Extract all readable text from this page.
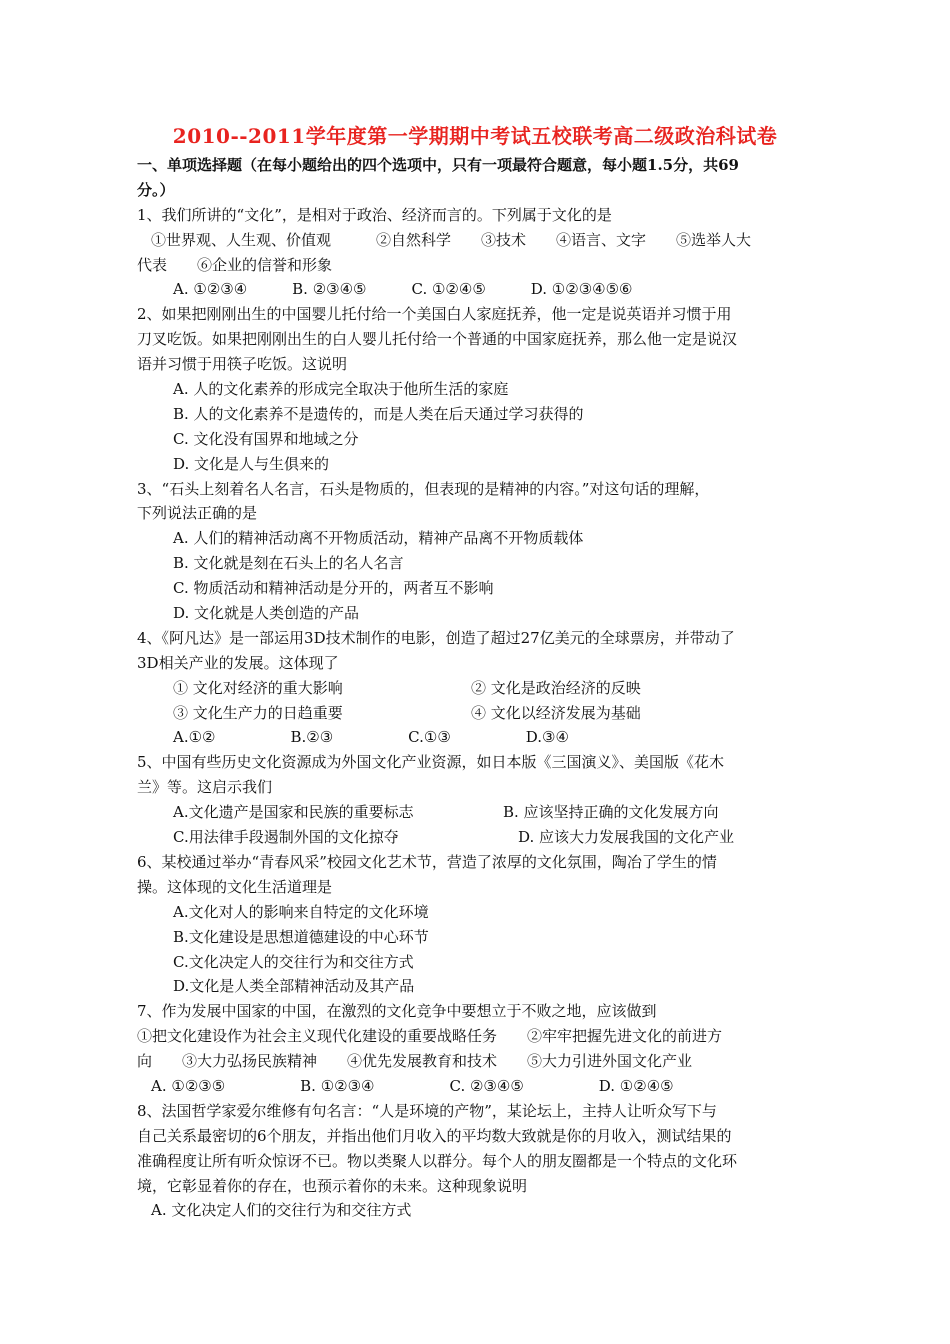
2010--2011学年度第一学期期中考试五校联考高二级政治科试卷
一、单项选择题（在每小题给出的四个选项中，只有一项最符合题意，每小题1.5分，共69
分。）
1、我们所讲的“文化”，是相对于政治、经济而言的。下列属于文化的是
①世界观、人生观、价值观　　　②自然科学　　③技术　　④语言、文字　　⑤选举人大
代表　　⑥企业的信誉和形象
A. ①②③④　　　B. ②③④⑤　　　C. ①②④⑤　　　D. ①②③④⑤⑥
2、如果把刚刚出生的中国婴儿托付给一个美国白人家庭抚养，他一定是说英语并习惯于用
刀叉吃饭。如果把刚刚出生的白人婴儿托付给一个普通的中国家庭抚养，那么他一定是说汉
语并习惯于用筷子吃饭。这说明
A. 人的文化素养的形成完全取决于他所生活的家庭
B. 人的文化素养不是遗传的，而是人类在后天通过学习获得的
C. 文化没有国界和地域之分
D. 文化是人与生俱来的
3、“石头上刻着名人名言，石头是物质的，但表现的是精神的内容。”对这句话的理解，
下列说法正确的是
A. 人们的精神活动离不开物质活动，精神产品离不开物质载体
B. 文化就是刻在石头上的名人名言
C. 物质活动和精神活动是分开的，两者互不影响
D. 文化就是人类创造的产品
4、《阿凡达》是一部运用3D技术制作的电影，创造了超过27亿美元的全球票房，并带动了
3D相关产业的发展。这体现了
① 文化对经济的重大影响	② 文化是政治经济的反映
③ 文化生产力的日趋重要	④ 文化以经济发展为基础
A.①②　　　　　B.②③　　　　　C.①③　　　　　D.③④
5、中国有些历史文化资源成为外国文化产业资源，如日本版《三国演义》、美国版《花木
兰》等。这启示我们
A.文化遗产是国家和民族的重要标志	B. 应该坚持正确的文化发展方向
C.用法律手段遏制外国的文化掠夺	D. 应该大力发展我国的文化产业
6、某校通过举办“青春风采”校园文化艺术节，营造了浓厚的文化氛围，陶冶了学生的情
操。这体现的文化生活道理是
A.文化对人的影响来自特定的文化环境
B.文化建设是思想道德建设的中心环节
C.文化决定人的交往行为和交往方式
D.文化是人类全部精神活动及其产品
7、作为发展中国家的中国，在激烈的文化竞争中要想立于不败之地，应该做到
①把文化建设作为社会主义现代化建设的重要战略任务　　②牢牢把握先进文化的前进方
向　　③大力弘扬民族精神　　④优先发展教育和技术　　⑤大力引进外国文化产业
A. ①②③⑤　　　　　B. ①②③④　　　　　C. ②③④⑤　　　　　D. ①②④⑤
8、法国哲学家爱尔维修有句名言：“人是环境的产物”，某论坛上，主持人让听众写下与
自己关系最密切的6个朋友，并指出他们月收入的平均数大致就是你的月收入，测试结果的
准确程度让所有听众惊讶不已。物以类聚人以群分。每个人的朋友圈都是一个特点的文化环
境，它彰显着你的存在，也预示着你的未来。这种现象说明
A. 文化决定人们的交往行为和交往方式
